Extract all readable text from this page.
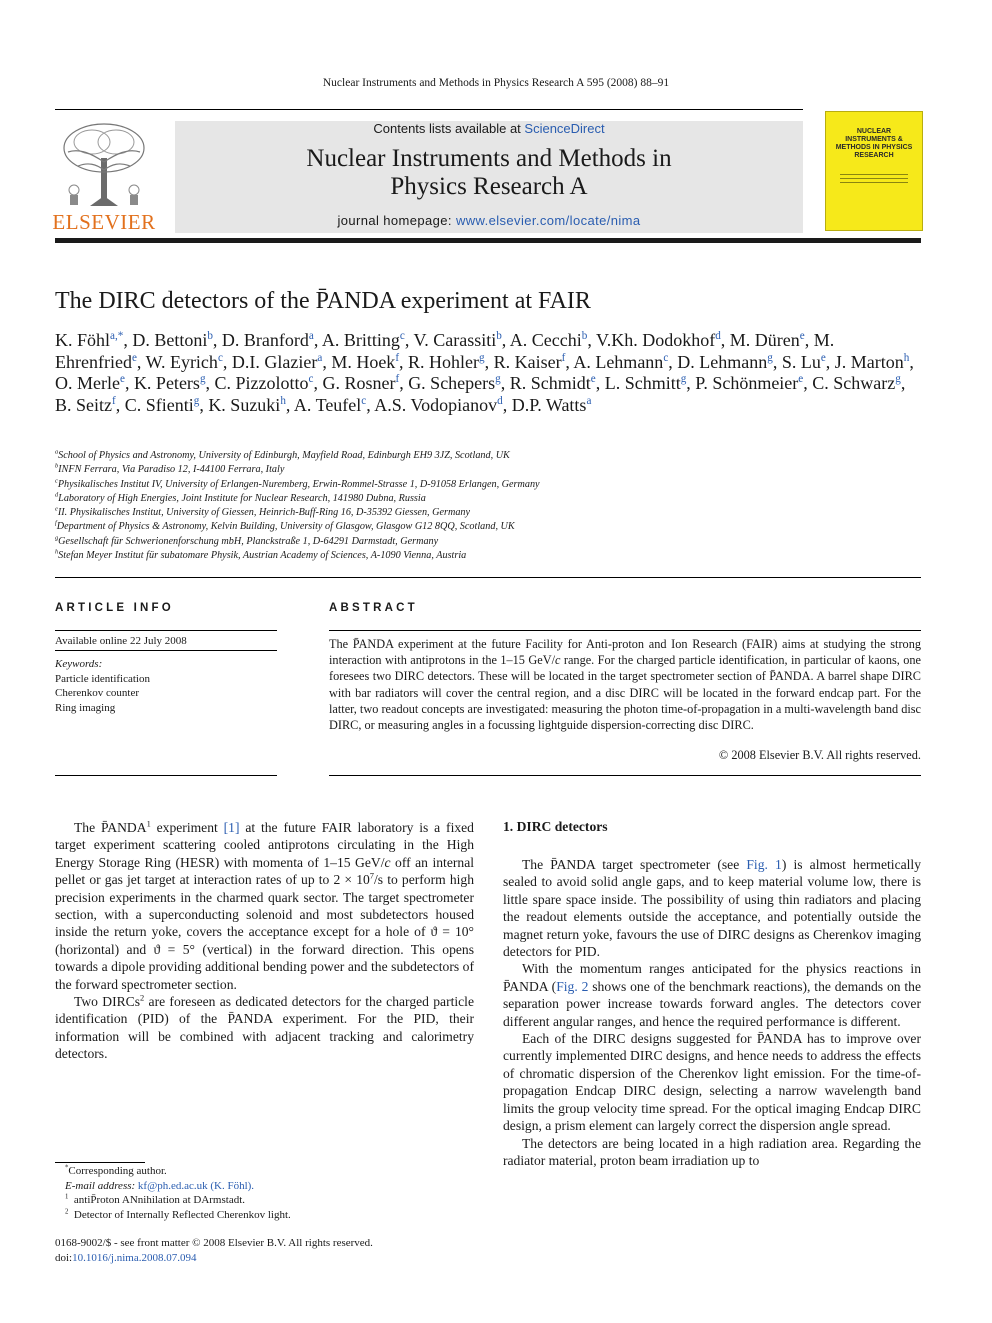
Nuclear Instruments and Methods in Physics Research A 595 (2008) 88–91
ELSEVIER
Contents lists available at ScienceDirect
Nuclear Instruments and Methods in
Physics Research A
journal homepage: www.elsevier.com/locate/nima
NUCLEAR INSTRUMENTS & METHODS IN PHYSICS RESEARCH
The DIRC detectors of the P̄ANDA experiment at FAIR
K. Föhl$^{a,*}$, D. Bettoni$^b$, D. Branford$^a$, A. Britting$^c$, V. Carassiti$^b$, A. Cecchi$^b$, V.Kh. Dodokhof$^d$, M. Düren$^e$, M. Ehrenfried$^e$, W. Eyrich$^c$, D.I. Glazier$^a$, M. Hoek$^f$, R. Hohler$^g$, R. Kaiser$^f$, A. Lehmann$^c$, D. Lehmann$^g$, S. Lu$^e$, J. Marton$^h$, O. Merle$^e$, K. Peters$^g$, C. Pizzolotto$^c$, G. Rosner$^f$, G. Schepers$^g$, R. Schmidt$^e$, L. Schmitt$^g$, P. Schönmeier$^e$, C. Schwarz$^g$, B. Seitz$^f$, C. Sfienti$^g$, K. Suzuki$^h$, A. Teufel$^c$, A.S. Vodopianov$^d$, D.P. Watts$^a$
$^a$School of Physics and Astronomy, University of Edinburgh, Mayfield Road, Edinburgh EH9 3JZ, Scotland, UK
$^b$INFN Ferrara, Via Paradiso 12, I-44100 Ferrara, Italy
$^c$Physikalisches Institut IV, University of Erlangen-Nuremberg, Erwin-Rommel-Strasse 1, D-91058 Erlangen, Germany
$^d$Laboratory of High Energies, Joint Institute for Nuclear Research, 141980 Dubna, Russia
$^e$II. Physikalisches Institut, University of Giessen, Heinrich-Buff-Ring 16, D-35392 Giessen, Germany
$^f$Department of Physics & Astronomy, Kelvin Building, University of Glasgow, Glasgow G12 8QQ, Scotland, UK
$^g$Gesellschaft für Schwerionenforschung mbH, Planckstraße 1, D-64291 Darmstadt, Germany
$^h$Stefan Meyer Institut für subatomare Physik, Austrian Academy of Sciences, A-1090 Vienna, Austria
ARTICLE INFO
Available online 22 July 2008
Keywords:
Particle identification
Cherenkov counter
Ring imaging
ABSTRACT
The P̄ANDA experiment at the future Facility for Anti-proton and Ion Research (FAIR) aims at studying the strong interaction with antiprotons in the 1–15 GeV/c range. For the charged particle identification, in particular of kaons, one foresees two DIRC detectors. These will be located in the target spectrometer section of P̄ANDA. A barrel shape DIRC with bar radiators will cover the central region, and a disc DIRC will be located in the forward endcap part. For the latter, two readout concepts are investigated: measuring the photon time-of-propagation in a multi-wavelength band disc DIRC, or measuring angles in a focussing lightguide dispersion-correcting disc DIRC.
© 2008 Elsevier B.V. All rights reserved.

The P̄ANDA$^1$ experiment [1] at the future FAIR laboratory is a fixed target experiment scattering cooled antiprotons circulating in the High Energy Storage Ring (HESR) with momenta of 1–15 GeV/c off an internal pellet or gas jet target at interaction rates of up to $2 \times 10^7/s$ to perform high precision experiments in the charmed quark sector. The target spectrometer section, with a superconducting solenoid and most subdetectors housed inside the return yoke, covers the acceptance except for a hole of ϑ = 10° (horizontal) and ϑ = 5° (vertical) in the forward direction. This opens towards a dipole providing additional bending power and the subdetectors of the forward spectrometer section.

Two DIRCs$^2$ are foreseen as dedicated detectors for the charged particle identification (PID) of the P̄ANDA experiment. For the PID, their information will be combined with adjacent tracking and calorimetry detectors.

*Corresponding author.
E-mail address: kf@ph.ed.ac.uk (K. Föhl).
$^1$ antiP̄roton ANnihilation at DArmstadt.
$^2$ Detector of Internally Reflected Cherenkov light.
0168-9002/$ - see front matter © 2008 Elsevier B.V. All rights reserved.
doi:10.1016/j.nima.2008.07.094
1. DIRC detectors

The P̄ANDA target spectrometer (see Fig. 1) is almost hermetically sealed to avoid solid angle gaps, and to keep material volume low, there is little spare space inside. The possibility of using thin radiators and placing the readout elements outside the acceptance, and potentially outside the magnet return yoke, favours the use of DIRC designs as Cherenkov imaging detectors for PID.

With the momentum ranges anticipated for the physics reactions in P̄ANDA (Fig. 2 shows one of the benchmark reactions), the demands on the separation power increase towards forward angles. The detectors cover different angular ranges, and hence the required performance is different.

Each of the DIRC designs suggested for P̄ANDA has to improve over currently implemented DIRC designs, and hence needs to address the effects of chromatic dispersion of the Cherenkov light emission. For the time-of-propagation Endcap DIRC design, selecting a narrow wavelength band limits the group velocity time spread. For the optical imaging Endcap DIRC design, a prism element can largely correct the dispersion angle spread.

The detectors are being located in a high radiation area. Regarding the radiator material, proton beam irradiation up to
